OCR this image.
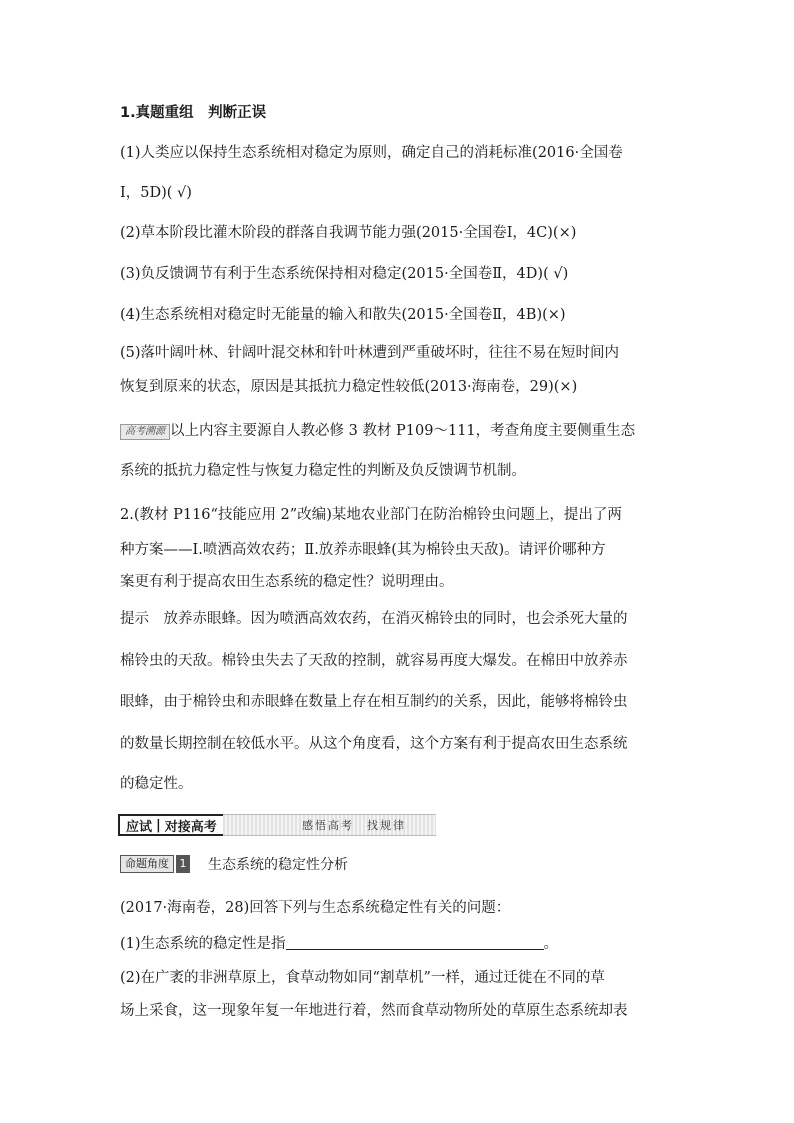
1.真题重组　判断正误
(1)人类应以保持生态系统相对稳定为原则，确定自己的消耗标准(2016·全国卷
Ⅰ，5D)( √)
(2)草本阶段比灌木阶段的群落自我调节能力强(2015·全国卷Ⅰ，4C)(×)
(3)负反馈调节有利于生态系统保持相对稳定(2015·全国卷Ⅱ，4D)( √)
(4)生态系统相对稳定时无能量的输入和散失(2015·全国卷Ⅱ，4B)(×)
(5)落叶阔叶林、针阔叶混交林和针叶林遭到严重破坏时，往往不易在短时间内
恢复到原来的状态，原因是其抵抗力稳定性较低(2013·海南卷，29)(×)
高考溯源 以上内容主要源自人教必修 3 教材 P109～111，考查角度主要侧重生态
系统的抵抗力稳定性与恢复力稳定性的判断及负反馈调节机制。
2.(教材 P116“技能应用 2”改编)某地农业部门在防治棉铃虫问题上，提出了两
种方案——Ⅰ.喷洒高效农药；Ⅱ.放养赤眼蜂(其为棉铃虫天敌)。请评价哪种方
案更有利于提高农田生态系统的稳定性？说明理由。
提示　放养赤眼蜂。因为喷洒高效农药，在消灭棉铃虫的同时，也会杀死大量的
棉铃虫的天敌。棉铃虫失去了天敌的控制，就容易再度大爆发。在棉田中放养赤
眼蜂，由于棉铃虫和赤眼蜂在数量上存在相互制约的关系，因此，能够将棉铃虫
的数量长期控制在较低水平。从这个角度看，这个方案有利于提高农田生态系统
的稳定性。
应试 | 对接高考	感悟高考　找规律
命题角度 1 生态系统的稳定性分析
(2017·海南卷，28)回答下列与生态系统稳定性有关的问题：
(1)生态系统的稳定性是指	。
(2)在广袤的非洲草原上，食草动物如同“割草机”一样，通过迁徙在不同的草
场上采食，这一现象年复一年地进行着，然而食草动物所处的草原生态系统却表
